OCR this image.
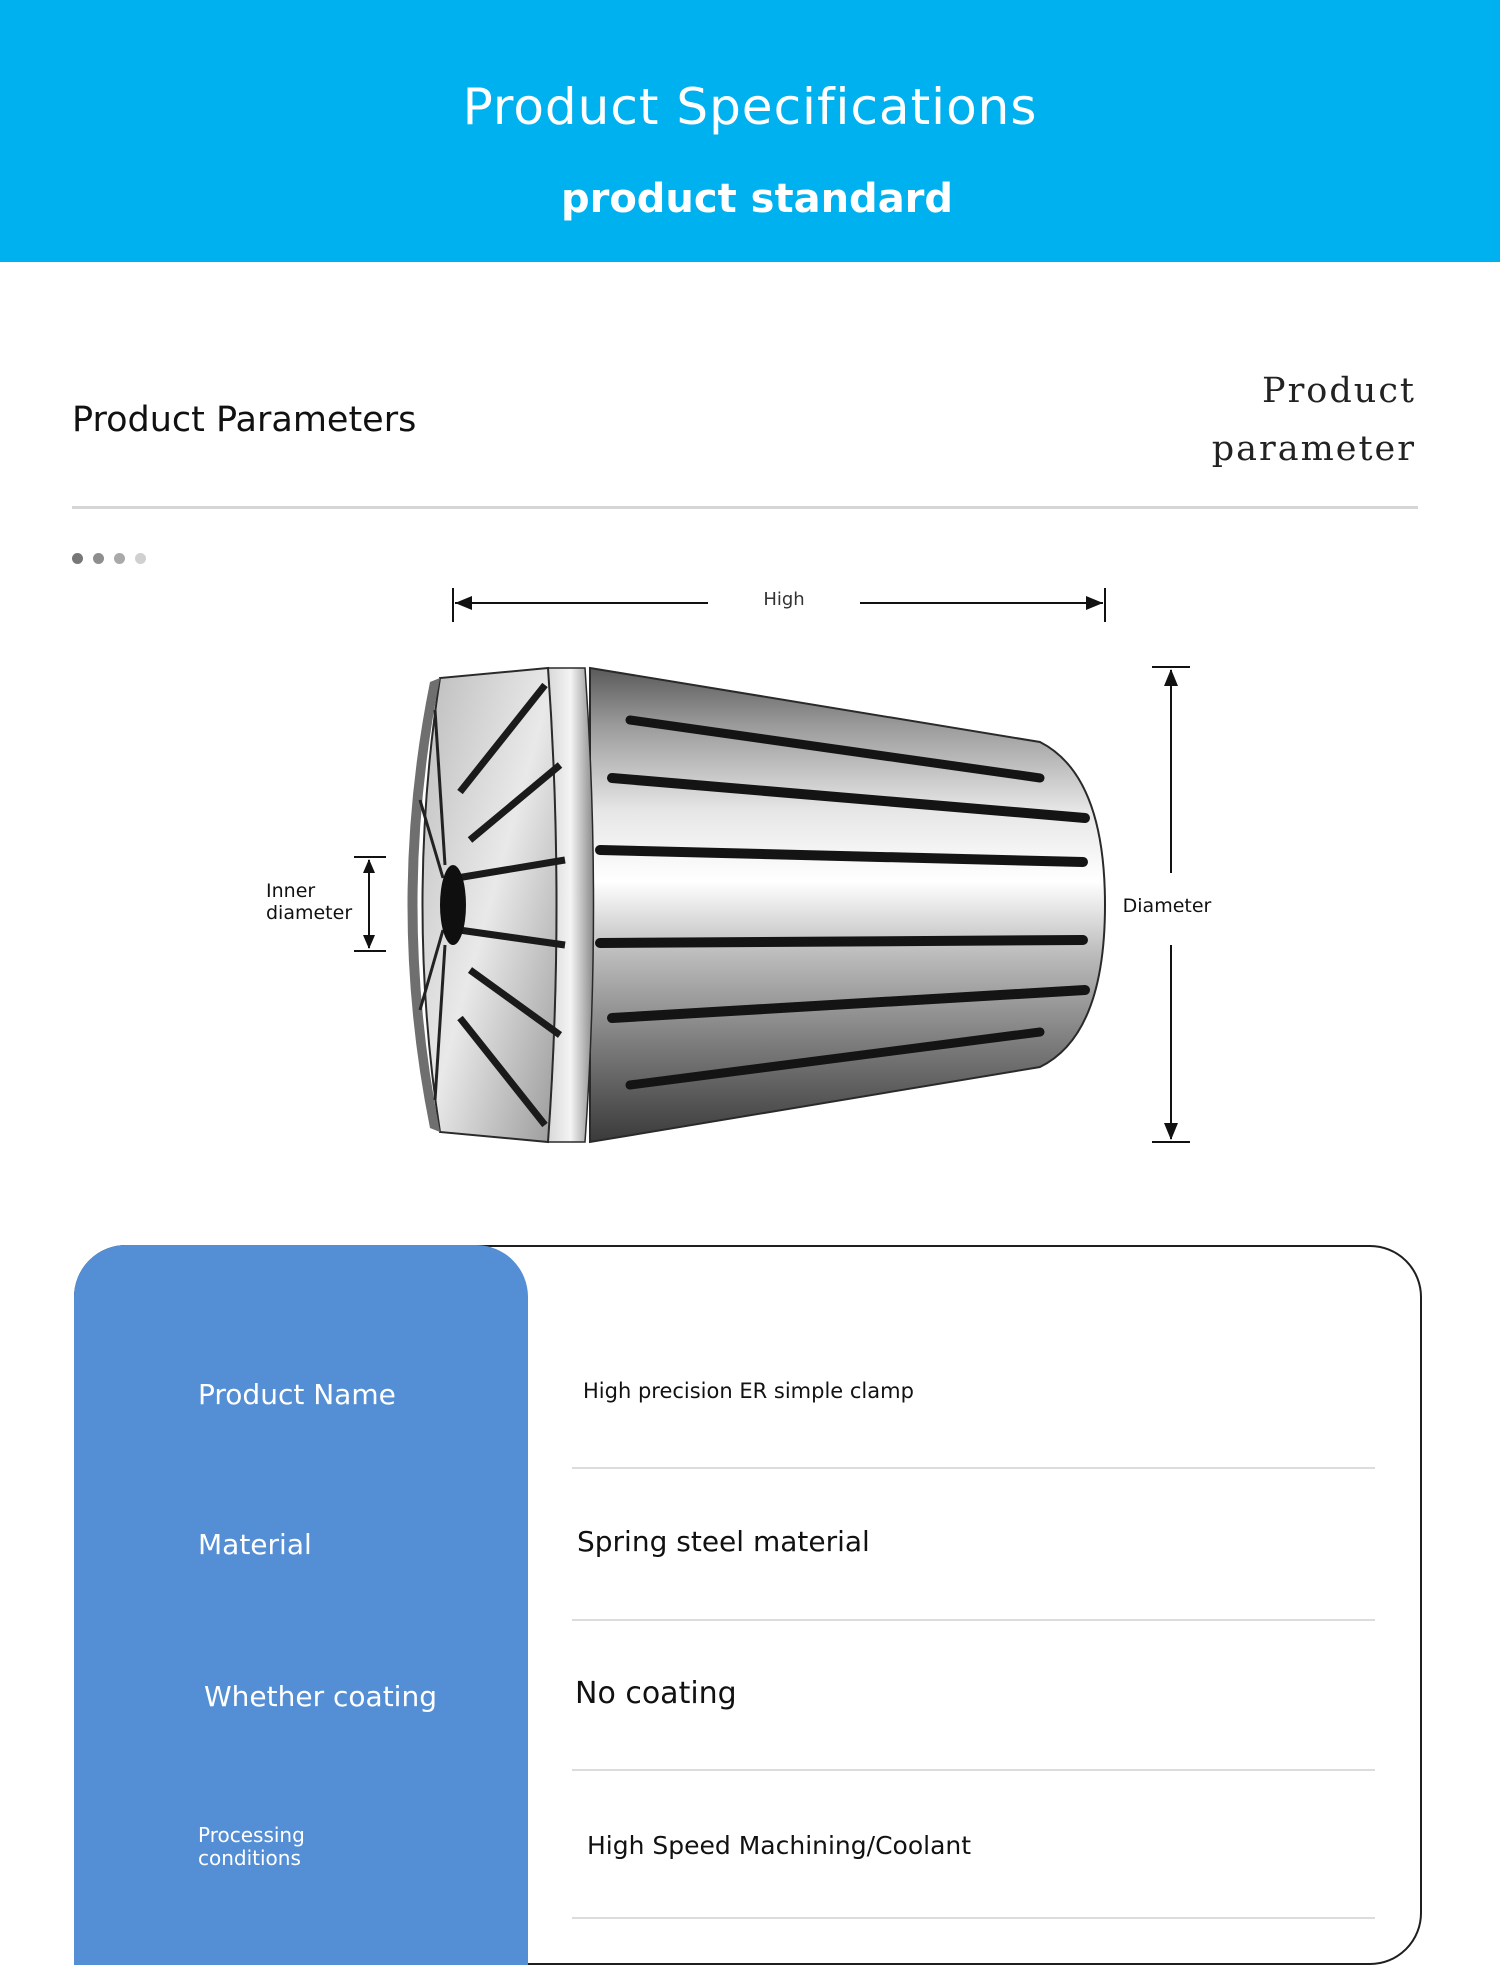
Product Specifications
product standard
Product Parameters
Product
parameter
High
Diameter
Inner
diameter
Product Name	High precision ER simple clamp
Material	Spring steel material
Whether coating	No coating
Processing
conditions	High Speed Machining/Coolant
